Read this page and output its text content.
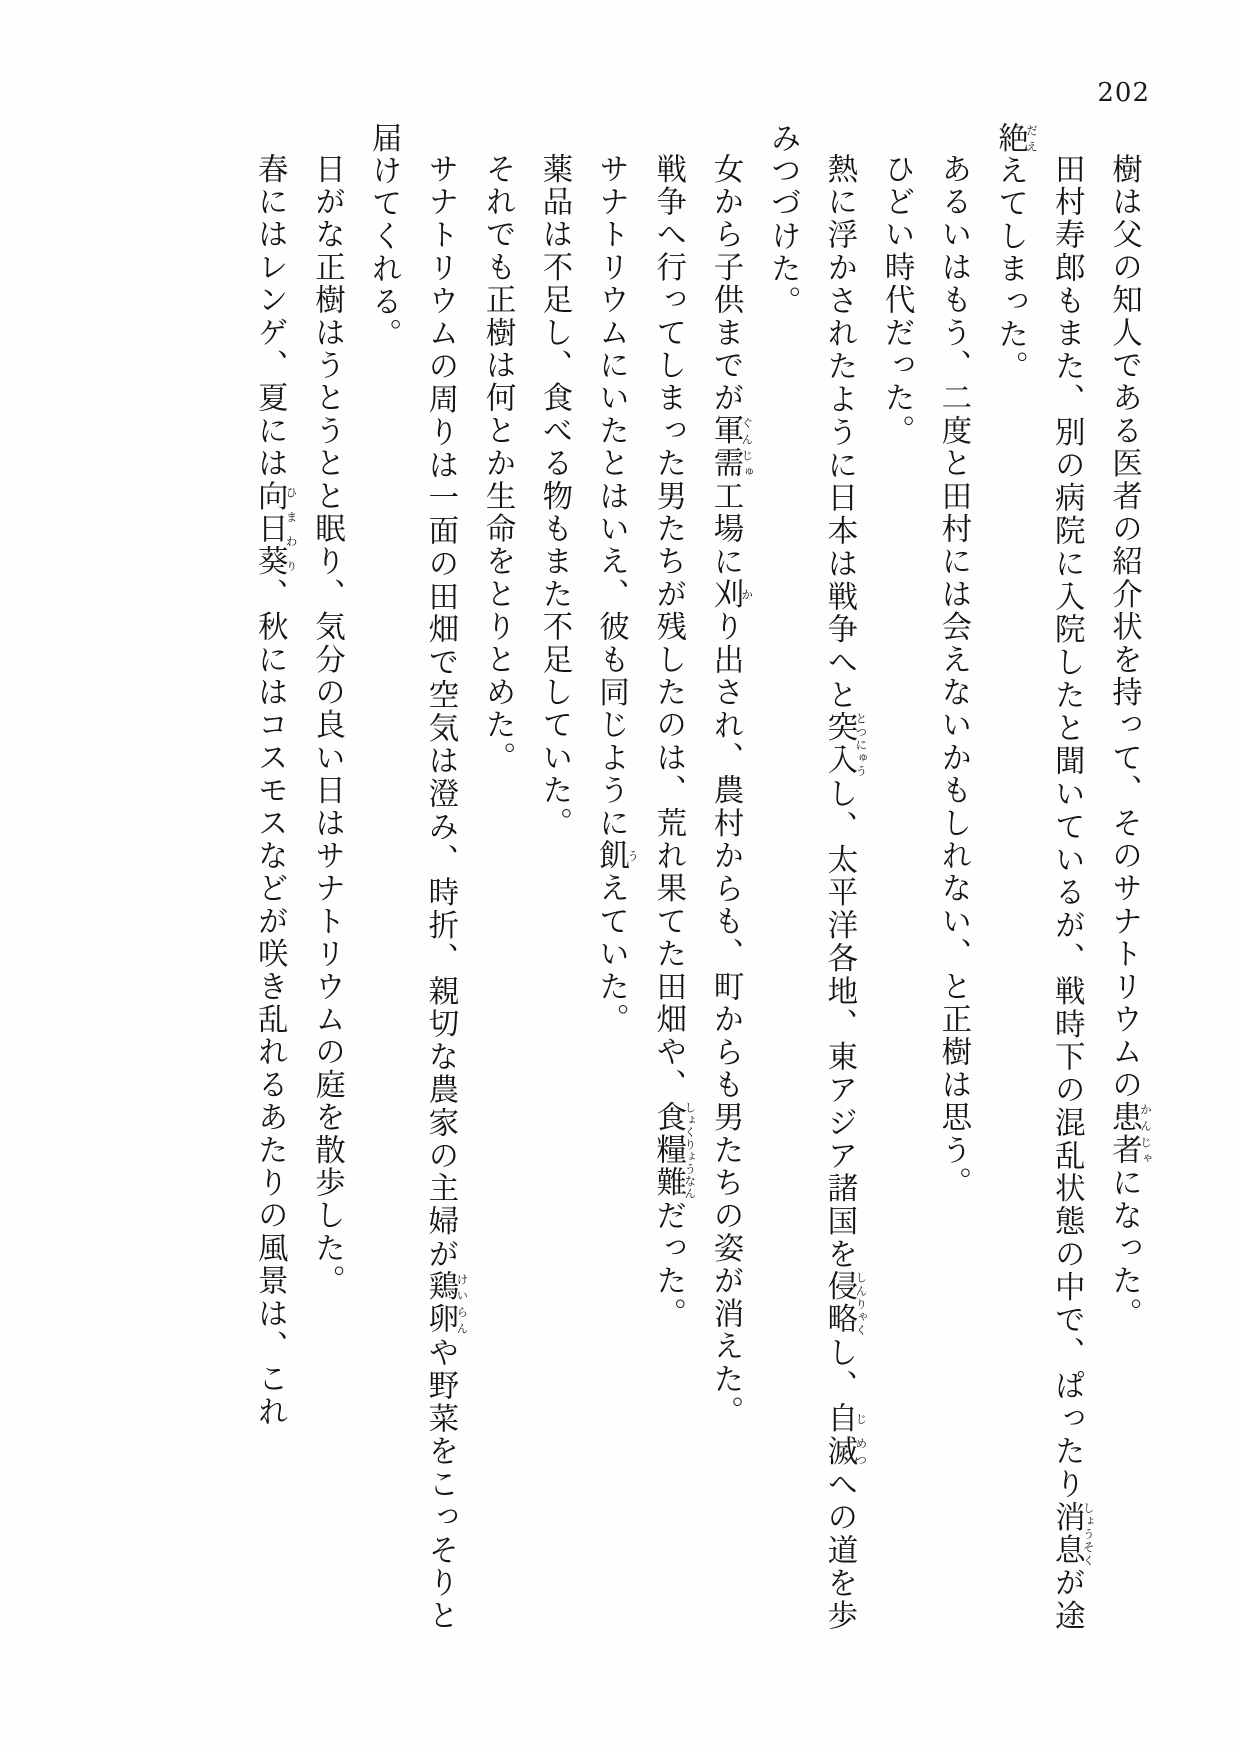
202
樹は父の知人である医者の紹介状を持って、そのサナトリウムの患者かんじゃになった。
田村寿郎もまた、別の病院に入院したと聞いているが、戦時下の混乱状態の中で、ぱったり消息しょうそくが途絶だええてしまった。
あるいはもう、二度と田村には会えないかもしれない、と正樹は思う。
ひどい時代だった。
熱に浮かされたように日本は戦争へと突入とつにゅうし、太平洋各地、東アジア諸国を侵略しんりゃくし、自じ滅めつへの道を歩みつづけた。
女から子供までが軍需ぐんじゅ工場に刈かり出され、農村からも、町からも男たちの姿が消えた。
戦争へ行ってしまった男たちが残したのは、荒れ果てた田畑や、食糧難しょくりょうなんだった。
サナトリウムにいたとはいえ、彼も同じように飢うえていた。
薬品は不足し、食べる物もまた不足していた。
それでも正樹は何とか生命をとりとめた。
サナトリウムの周りは一面の田畑で空気は澄み、時折、親切な農家の主婦が鶏卵けいらんや野菜をこっそりと届けてくれる。
日がな正樹はうとうとと眠り、気分の良い日はサナトリウムの庭を散歩した。
春にはレンゲ、夏には向日葵ひまわり、秋にはコスモスなどが咲き乱れるあたりの風景は、これ
